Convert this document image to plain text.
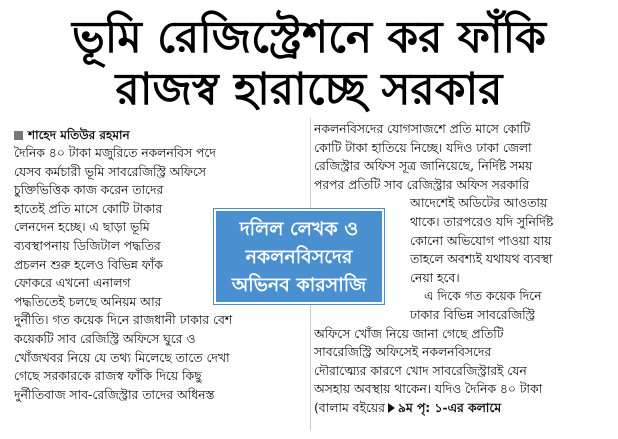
ভূমি রেজিস্ট্রেশনে কর ফাঁকি
রাজস্ব হারাচ্ছে সরকার
শাহেদ মতিউর রহমান
দৈনিক ৪০ টাকা মজুরিতে নকলনবিস পদে
যেসব কর্মচারী ভূমি সাবরেজিস্ট্রি অফিসে
চুক্তিভিত্তিক কাজ করেন তাদের
হাতেই প্রতি মাসে কোটি টাকার
লেনদেন হচ্ছে। এ ছাড়া ভূমি
ব্যবস্থাপনায় ডিজিটাল পদ্ধতির
প্রচলন শুরু হলেও বিভিন্ন ফাঁক
ফোকরে এখনো এনালগ
পদ্ধতিতেই চলছে অনিয়ম আর
দুর্নীতি। গত কয়েক দিনে রাজধানী ঢাকার বেশ
কয়েকটি সাব রেজিস্ট্রি অফিসে ঘুরে ও
খোঁজখবর নিয়ে যে তথ্য মিলেছে তাতে দেখা
গেছে সরকারকে রাজস্ব ফাঁকি দিয়ে কিছু
দুর্নীতিবাজ সাব-রেজিস্ট্রার তাদের অধিনস্ত
নকলনবিসদের যোগসাজশে প্রতি মাসে কোটি
কোটি টাকা হাতিয়ে নিচ্ছে। যদিও ঢাকা জেলা
রেজিস্ট্রার অফিস সূত্র জানিয়েছে, নির্দিষ্ট সময়
পরপর প্রতিটি সাব রেজিস্ট্রার অফিস সরকারি
আদেশেই অডিটের আওতায়
থাকে। তারপরেও যদি সুনির্দিষ্ট
কোনো অভিযোগ পাওয়া যায়
তাহলে অবশ্যই যথাযথ ব্যবস্থা
নেয়া হবে।
এ দিকে গত কয়েক দিনে
ঢাকার বিভিন্ন সাবরেজিস্ট্রি
অফিসে খোঁজ নিয়ে জানা গেছে প্রতিটি
সাবরেজিস্ট্রি অফিসেই নকলনবিসদের
দৌরাত্ম্যের কারণে খোদ সাবরেজিস্ট্রারই যেন
অসহায় অবস্থায় থাকেন। যদিও দৈনিক ৪০ টাকা
(বালাম বইয়ের ৯ম পৃ: ১-এর কলামে
দলিল লেখক ও
নকলনবিসদের
অভিনব কারসাজি
